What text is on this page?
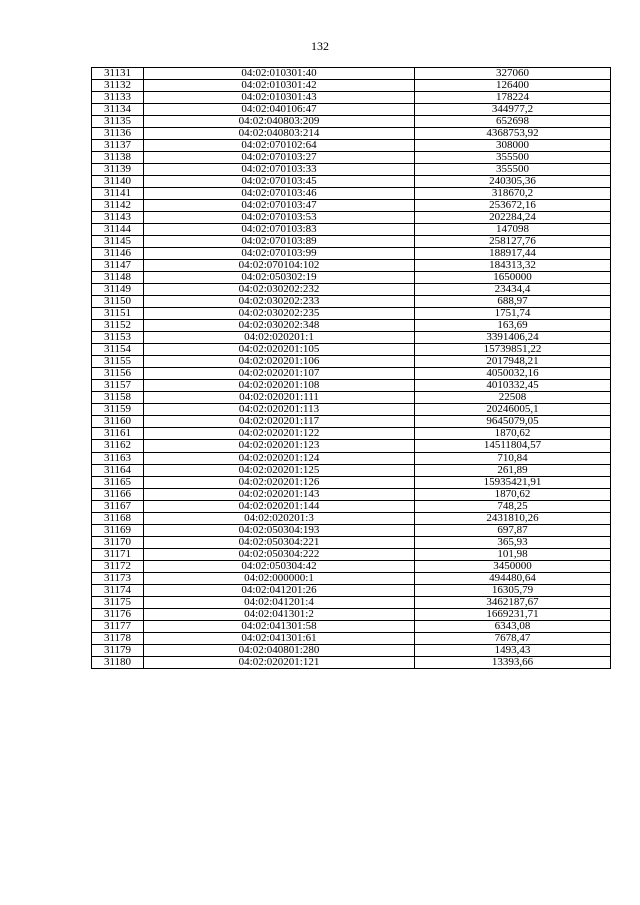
132
31131	04:02:010301:40	327060
31132	04:02:010301:42	126400
31133	04:02:010301:43	178224
31134	04:02:040106:47	344977,2
31135	04:02:040803:209	652698
31136	04:02:040803:214	4368753,92
31137	04:02:070102:64	308000
31138	04:02:070103:27	355500
31139	04:02:070103:33	355500
31140	04:02:070103:45	240305,36
31141	04:02:070103:46	318670,2
31142	04:02:070103:47	253672,16
31143	04:02:070103:53	202284,24
31144	04:02:070103:83	147098
31145	04:02:070103:89	258127,76
31146	04:02:070103:99	188917,44
31147	04:02:070104:102	184313,32
31148	04:02:050302:19	1650000
31149	04:02:030202:232	23434,4
31150	04:02:030202:233	688,97
31151	04:02:030202:235	1751,74
31152	04:02:030202:348	163,69
31153	04:02:020201:1	3391406,24
31154	04:02:020201:105	15739851,22
31155	04:02:020201:106	2017948,21
31156	04:02:020201:107	4050032,16
31157	04:02:020201:108	4010332,45
31158	04:02:020201:111	22508
31159	04:02:020201:113	20246005,1
31160	04:02:020201:117	9645079,05
31161	04:02:020201:122	1870,62
31162	04:02:020201:123	14511804,57
31163	04:02:020201:124	710,84
31164	04:02:020201:125	261,89
31165	04:02:020201:126	15935421,91
31166	04:02:020201:143	1870,62
31167	04:02:020201:144	748,25
31168	04:02:020201:3	2431810,26
31169	04:02:050304:193	697,87
31170	04:02:050304:221	365,93
31171	04:02:050304:222	101,98
31172	04:02:050304:42	3450000
31173	04:02:000000:1	494480,64
31174	04:02:041201:26	16305,79
31175	04:02:041201:4	3462187,67
31176	04:02:041301:2	1669231,71
31177	04:02:041301:58	6343,08
31178	04:02:041301:61	7678,47
31179	04:02:040801:280	1493,43
31180	04:02:020201:121	13393,66
